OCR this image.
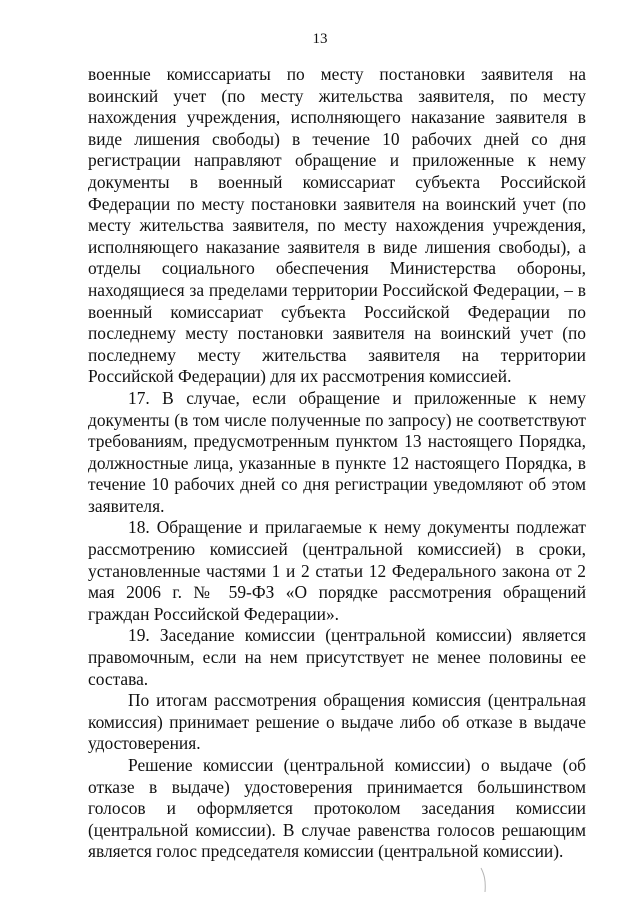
13

военные комиссариаты по месту постановки заявителя на воинский учет (по месту жительства заявителя, по месту нахождения учреждения, исполняющего наказание заявителя в виде лишения свободы) в течение 10 рабочих дней со дня регистрации направляют обращение и приложенные к нему документы в военный комиссариат субъекта Российской Федерации по месту постановки заявителя на воинский учет (по месту жительства заявителя, по месту нахождения учреждения, исполняющего наказание заявителя в виде лишения свободы), а отделы социального обеспечения Министерства обороны, находящиеся за пределами территории Российской Федерации, – в военный комиссариат субъекта Российской Федерации по последнему месту постановки заявителя на воинский учет (по последнему месту жительства заявителя на территории Российской Федерации) для их рассмотрения комиссией.

17. В случае, если обращение и приложенные к нему документы (в том числе полученные по запросу) не соответствуют требованиям, предусмотренным пунктом 13 настоящего Порядка, должностные лица, указанные в пункте 12 настоящего Порядка, в течение 10 рабочих дней со дня регистрации уведомляют об этом заявителя.

18. Обращение и прилагаемые к нему документы подлежат рассмотрению комиссией (центральной комиссией) в сроки, установленные частями 1 и 2 статьи 12 Федерального закона от 2 мая 2006 г. № 59-ФЗ «О порядке рассмотрения обращений граждан Российской Федерации».

19. Заседание комиссии (центральной комиссии) является правомочным, если на нем присутствует не менее половины ее состава.

По итогам рассмотрения обращения комиссия (центральная комиссия) принимает решение о выдаче либо об отказе в выдаче удостоверения.

Решение комиссии (центральной комиссии) о выдаче (об отказе в выдаче) удостоверения принимается большинством голосов и оформляется протоколом заседания комиссии (центральной комиссии). В случае равенства голосов решающим является голос председателя комиссии (центральной комиссии).
